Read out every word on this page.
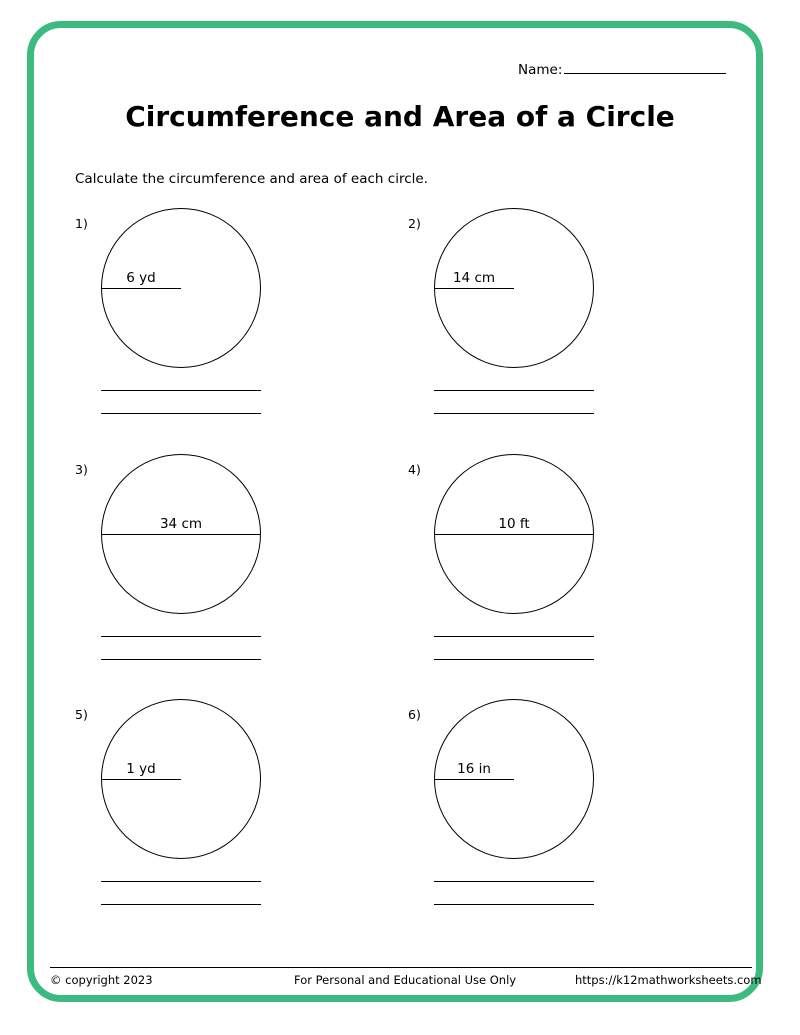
Name:
Circumference and Area of a Circle
Calculate the circumference and area of each circle.
1)
6 yd
2)
14 cm
3)
34 cm
4)
10 ft
5)
1 yd
6)
16 in
© copyright 2023	For Personal and Educational Use Only	https://k12mathworksheets.com
